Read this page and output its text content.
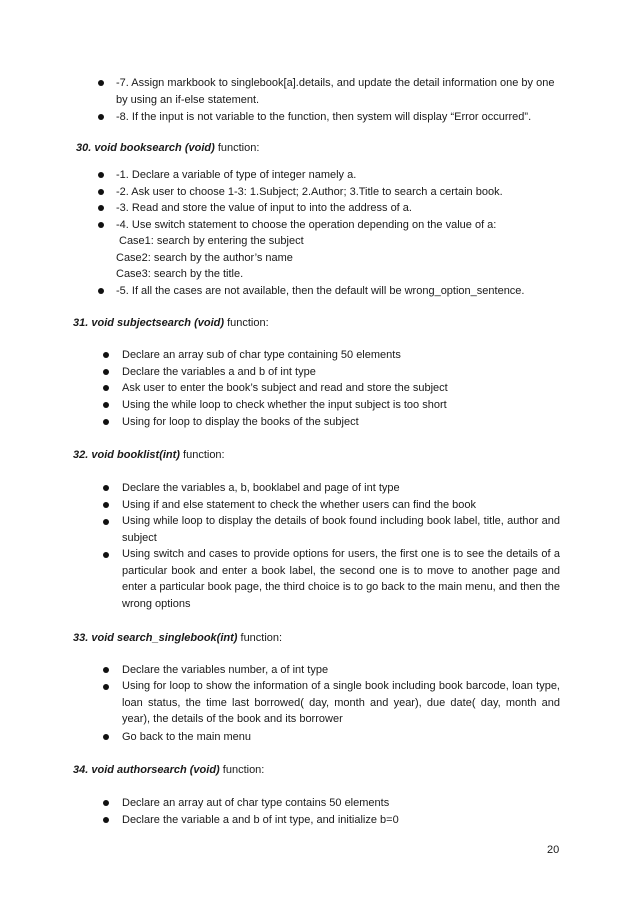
-7. Assign markbook to singlebook[a].details, and update the detail information one by one
by using an if-else statement.
-8. If the input is not variable to the function, then system will display “Error occurred”.
30. void booksearch (void) function:
-1. Declare a variable of type of integer namely a.
-2. Ask user to choose 1-3: 1.Subject; 2.Author; 3.Title to search a certain book.
-3. Read and store the value of input to into the address of a.
-4. Use switch statement to choose the operation depending on the value of a:
Case1: search by entering the subject
Case2: search by the author’s name
Case3: search by the title.
-5. If all the cases are not available, then the default will be wrong_option_sentence.
31. void subjectsearch (void) function:
Declare an array sub of char type containing 50 elements
Declare the variables a and b of int type
Ask user to enter the book’s subject and read and store the subject
Using the while loop to check whether the input subject is too short
Using for loop to display the books of the subject
32. void booklist(int) function:
Declare the variables a, b, booklabel and page of int type
Using if and else statement to check the whether users can find the book
Using while loop to display the details of book found including book label, title, author and subject
Using switch and cases to provide options for users, the first one is to see the details of a particular book and enter a book label, the second one is to move to another page and enter a particular book page, the third choice is to go back to the main menu, and then the wrong options
33. void search_singlebook(int) function:
Declare the variables number, a of int type
Using for loop to show the information of a single book including book barcode, loan type, loan status, the time last borrowed( day, month and year), due date( day, month and year), the details of the book and its borrower
Go back to the main menu
34. void authorsearch (void) function:
Declare an array aut of char type contains 50 elements
Declare the variable a and b of int type, and initialize b=0
20
